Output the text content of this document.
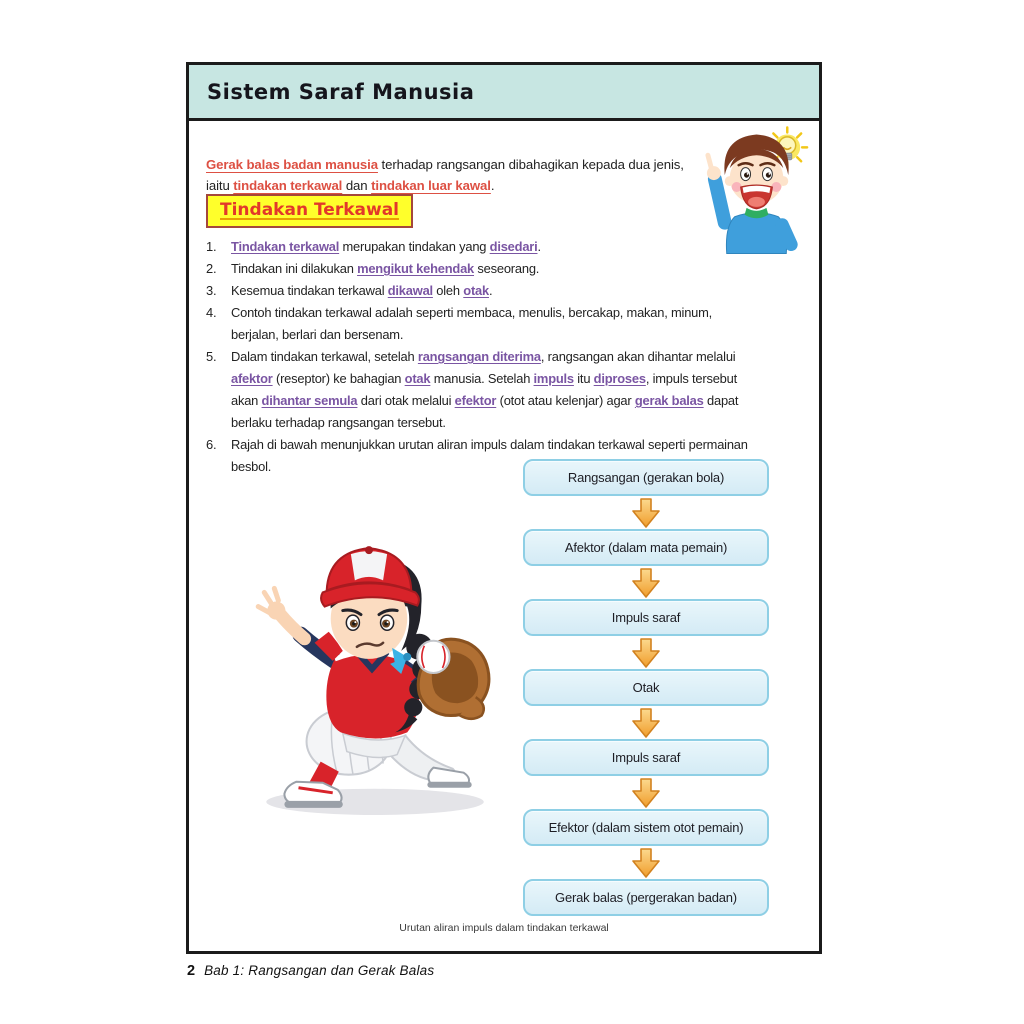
Sistem Saraf Manusia

Gerak balas badan manusia terhadap rangsangan dibahagikan kepada dua jenis,
iaitu tindakan terkawal dan tindakan luar kawal.

Tindakan Terkawal
1.	Tindakan terkawal merupakan tindakan yang disedari.
2.	Tindakan ini dilakukan mengikut kehendak seseorang.
3.	Kesemua tindakan terkawal dikawal oleh otak.
4.	Contoh tindakan terkawal adalah seperti membaca, menulis, bercakap, makan, minum,
berjalan, berlari dan bersenam.
5.	Dalam tindakan terkawal, setelah rangsangan diterima, rangsangan akan dihantar melalui
afektor (reseptor) ke bahagian otak manusia. Setelah impuls itu diproses, impuls tersebut
akan dihantar semula dari otak melalui efektor (otot atau kelenjar) agar gerak balas dapat
berlaku terhadap rangsangan tersebut.
6.	Rajah di bawah menunjukkan urutan aliran impuls dalam tindakan terkawal seperti permainan
besbol.
Rangsangan (gerakan bola)
Afektor (dalam mata pemain)
Impuls saraf
Otak
Impuls saraf
Efektor (dalam sistem otot pemain)
Gerak balas (pergerakan badan)
Urutan aliran impuls dalam tindakan terkawal
2 Bab 1: Rangsangan dan Gerak Balas
